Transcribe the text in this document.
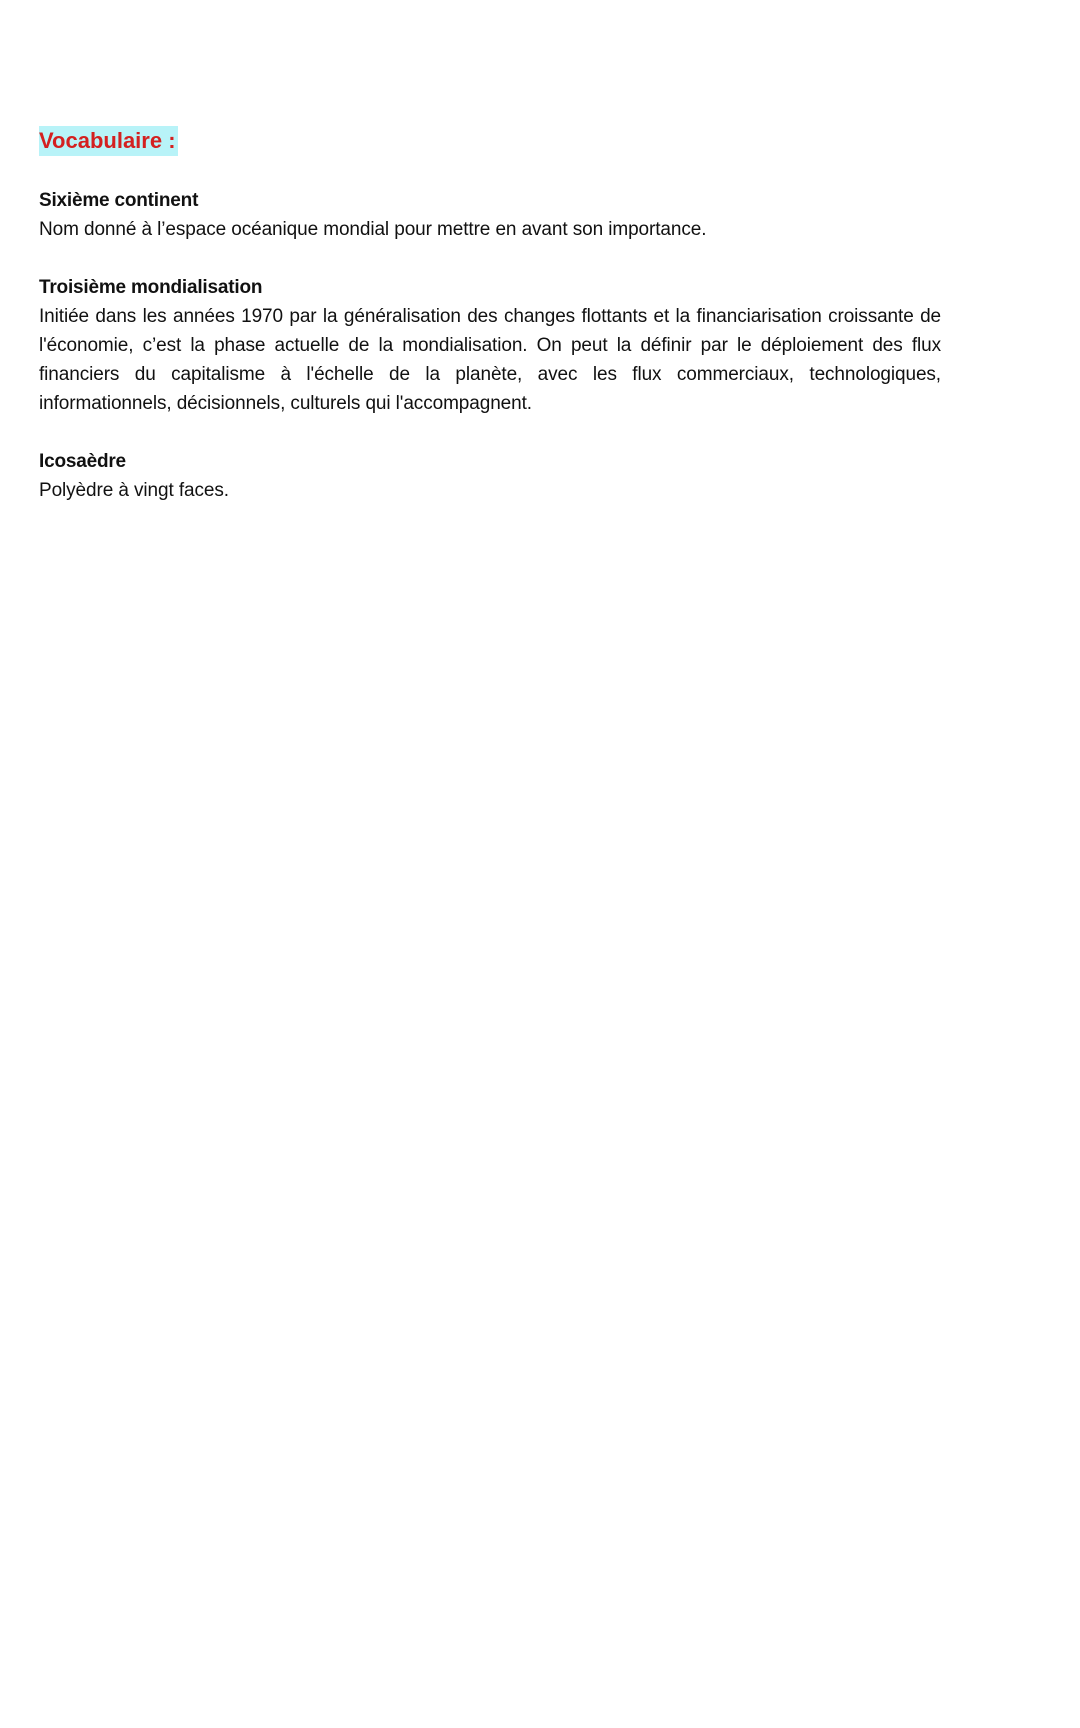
Vocabulaire :

Sixième continent

Nom donné à l’espace océanique mondial pour mettre en avant son importance.

Troisième mondialisation

Initiée dans les années 1970 par la généralisation des changes flottants et la financiarisation croissante de l'économie, c’est la phase actuelle de la mondialisation. On peut la définir par le déploiement des flux financiers du capitalisme à l'échelle de la planète, avec les flux commerciaux, technologiques, informationnels, décisionnels, culturels qui l'accompagnent.

Icosaèdre

Polyèdre à vingt faces.
